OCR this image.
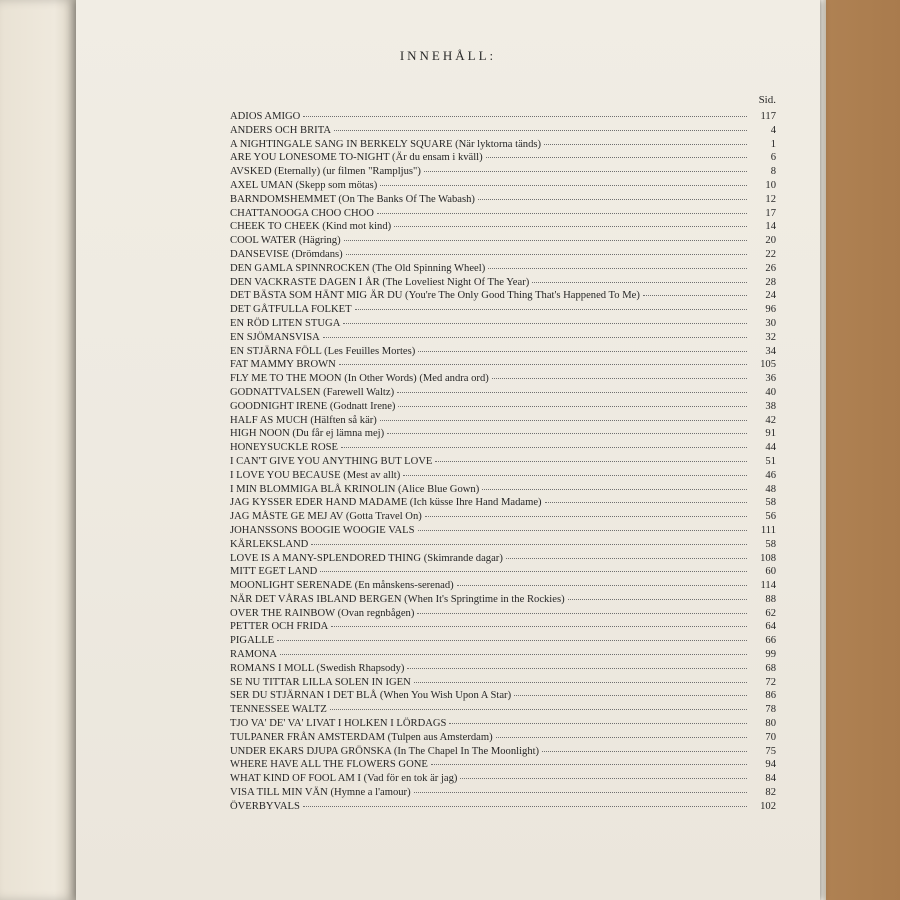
INNEHÅLL:
Sid.
ADIOS AMIGO	117
ANDERS OCH BRITA	4
A NIGHTINGALE SANG IN BERKELY SQUARE (När lyktorna tänds)	1
ARE YOU LONESOME TO-NIGHT (Är du ensam i kväll)	6
AVSKED (Eternally) (ur filmen "Rampljus")	8
AXEL UMAN (Skepp som mötas)	10
BARNDOMSHEMMET (On The Banks Of The Wabash)	12
CHATTANOOGA CHOO CHOO	17
CHEEK TO CHEEK (Kind mot kind)	14
COOL WATER (Hägring)	20
DANSEVISE (Drömdans)	22
DEN GAMLA SPINNROCKEN (The Old Spinning Wheel)	26
DEN VACKRASTE DAGEN I ÅR (The Loveliest Night Of The Year)	28
DET BÄSTA SOM HÄNT MIG ÄR DU (You're The Only Good Thing That's Happened To Me)	24
DET GÅTFULLA FOLKET	96
EN RÖD LITEN STUGA	30
EN SJÖMANSVISA	32
EN STJÄRNA FÖLL (Les Feuilles Mortes)	34
FAT MAMMY BROWN	105
FLY ME TO THE MOON (In Other Words) (Med andra ord)	36
GODNATTVALSEN (Farewell Waltz)	40
GOODNIGHT IRENE (Godnatt Irene)	38
HALF AS MUCH (Hälften så kär)	42
HIGH NOON (Du får ej lämna mej)	91
HONEYSUCKLE ROSE	44
I CAN'T GIVE YOU ANYTHING BUT LOVE	51
I LOVE YOU BECAUSE (Mest av allt)	46
I MIN BLOMMIGA BLÅ KRINOLIN (Alice Blue Gown)	48
JAG KYSSER EDER HAND MADAME (Ich küsse Ihre Hand Madame)	58
JAG MÅSTE GE MEJ AV (Gotta Travel On)	56
JOHANSSONS BOOGIE WOOGIE VALS	111
KÄRLEKSLAND	58
LOVE IS A MANY-SPLENDORED THING (Skimrande dagar)	108
MITT EGET LAND	60
MOONLIGHT SERENADE (En månskens-serenad)	114
NÄR DET VÅRAS IBLAND BERGEN (When It's Springtime in the Rockies)	88
OVER THE RAINBOW (Ovan regnbågen)	62
PETTER OCH FRIDA	64
PIGALLE	66
RAMONA	99
ROMANS I MOLL (Swedish Rhapsody)	68
SE NU TITTAR LILLA SOLEN IN IGEN	72
SER DU STJÄRNAN I DET BLÅ (When You Wish Upon A Star)	86
TENNESSEE WALTZ	78
TJO VA' DE' VA' LIVAT I HOLKEN I LÖRDAGS	80
TULPANER FRÅN AMSTERDAM (Tulpen aus Amsterdam)	70
UNDER EKARS DJUPA GRÖNSKA (In The Chapel In The Moonlight)	75
WHERE HAVE ALL THE FLOWERS GONE	94
WHAT KIND OF FOOL AM I (Vad för en tok är jag)	84
VISA TILL MIN VÄN (Hymne a l'amour)	82
ÖVERBYVALS	102
